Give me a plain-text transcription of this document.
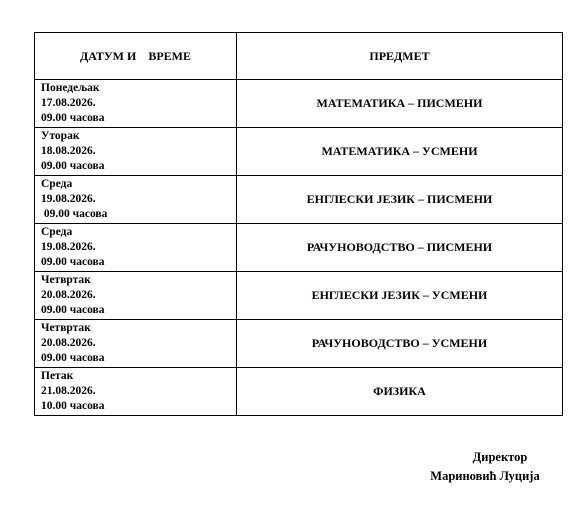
ДАТУМ И    ВРЕМЕ	ПРЕДМЕТ

Понедељак
17.08.2026.
09.00 часова	МАТЕМАТИКА – ПИСМЕНИ

Уторак
18.08.2026.
09.00 часова	МАТЕМАТИКА – УСМЕНИ

Среда
19.08.2026.
09.00 часова	ЕНГЛЕСКИ ЈЕЗИК – ПИСМЕНИ

Среда
19.08.2026.
09.00 часова	РАЧУНОВОДСТВО – ПИСМЕНИ

Четвртак
20.08.2026.
09.00 часова	ЕНГЛЕСКИ ЈЕЗИК – УСМЕНИ

Четвртак
20.08.2026.
09.00 часова	РАЧУНОВОДСТВО – УСМЕНИ

Петак
21.08.2026.
10.00 часова	ФИЗИКА
Директор
Мариновић Луција
